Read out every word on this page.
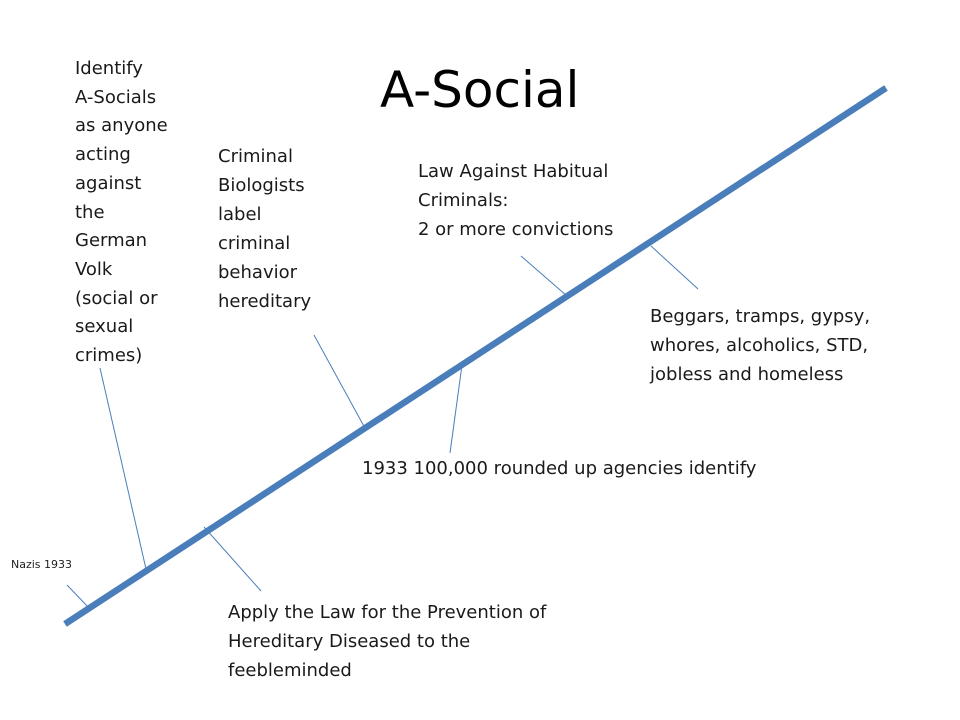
A-Social
Nazis 1933
Identify
A-Socials
as anyone
acting
against
the
German
Volk
(social or
sexual
crimes)
Criminal
Biologists
label
criminal
behavior
hereditary
Law Against Habitual
Criminals:
2 or more convictions
Beggars, tramps, gypsy,
whores, alcoholics, STD,
jobless and homeless
1933 100,000 rounded up agencies identify
Apply the Law for the Prevention of
Hereditary Diseased to the
feebleminded
